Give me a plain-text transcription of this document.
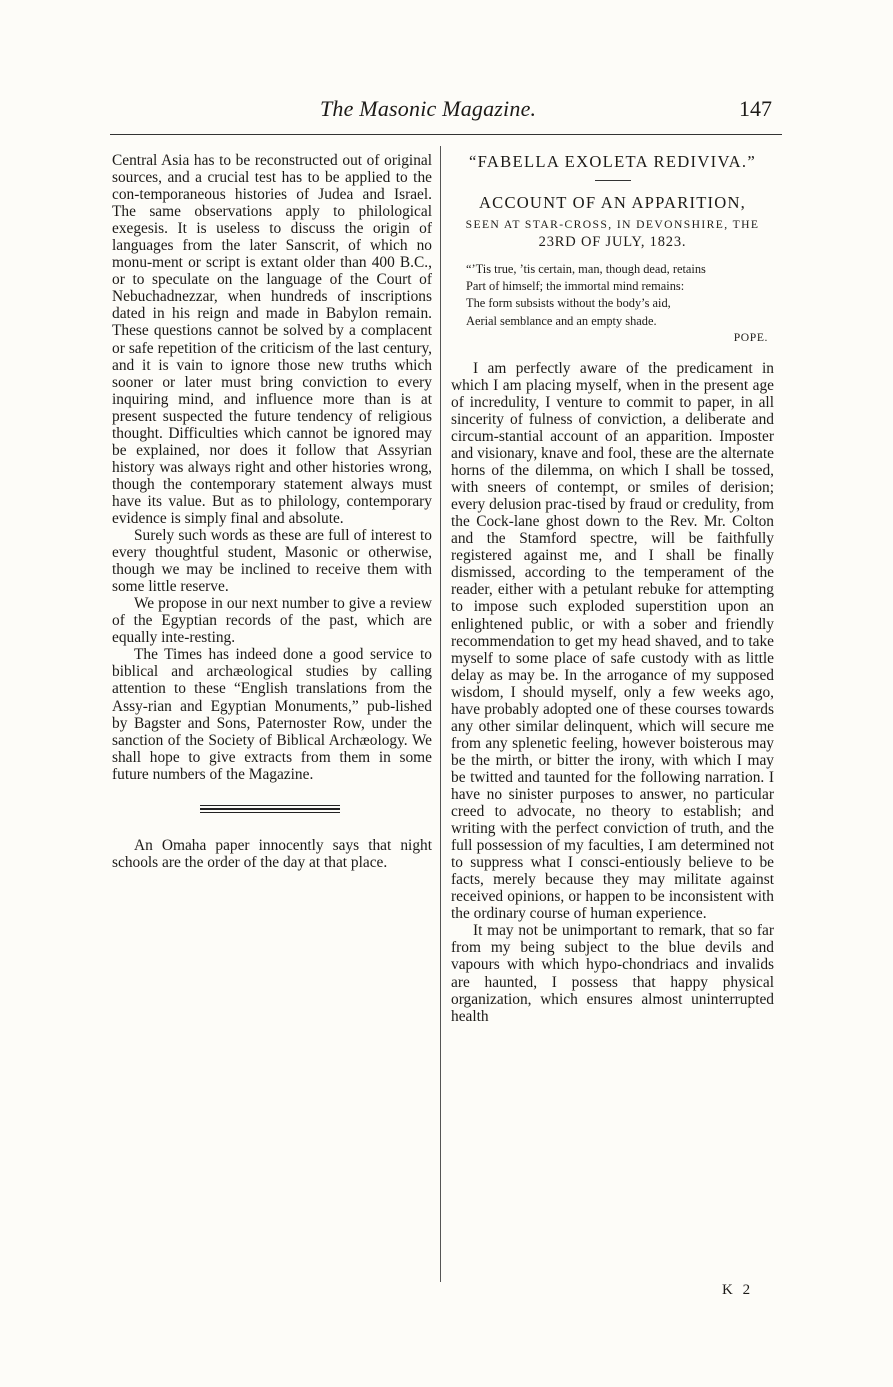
The Masonic Magazine.	147

Central Asia has to be reconstructed out of original sources, and a crucial test has to be applied to the con-temporaneous histories of Judea and Israel. The same observations apply to philological exegesis. It is useless to discuss the origin of languages from the later Sanscrit, of which no monu-ment or script is extant older than 400 B.C., or to speculate on the language of the Court of Nebuchadnezzar, when hundreds of inscriptions dated in his reign and made in Babylon remain. These questions cannot be solved by a complacent or safe repetition of the criticism of the last century, and it is vain to ignore those new truths which sooner or later must bring conviction to every inquiring mind, and influence more than is at present suspected the future tendency of religious thought. Difficulties which cannot be ignored may be explained, nor does it follow that Assyrian history was always right and other histories wrong, though the contemporary statement always must have its value. But as to philology, contemporary evidence is simply final and absolute.

Surely such words as these are full of interest to every thoughtful student, Masonic or otherwise, though we may be inclined to receive them with some little reserve.

We propose in our next number to give a review of the Egyptian records of the past, which are equally inte-resting.

The Times has indeed done a good service to biblical and archæological studies by calling attention to these “English translations from the Assy-rian and Egyptian Monuments,” pub-lished by Bagster and Sons, Paternoster Row, under the sanction of the Society of Biblical Archæology. We shall hope to give extracts from them in some future numbers of the Magazine.

An Omaha paper innocently says that night schools are the order of the day at that place.

“FABELLA EXOLETA REDIVIVA.”
ACCOUNT OF AN APPARITION,
SEEN AT STAR-CROSS, IN DEVONSHIRE, THE
23RD OF JULY, 1823.
“’Tis true, ’tis certain, man, though dead, retains
Part of himself; the immortal mind remains:
The form subsists without the body’s aid,
Aerial semblance and an empty shade.
POPE.

I am perfectly aware of the predicament in which I am placing myself, when in the present age of incredulity, I venture to commit to paper, in all sincerity of fulness of conviction, a deliberate and circum-stantial account of an apparition. Imposter and visionary, knave and fool, these are the alternate horns of the dilemma, on which I shall be tossed, with sneers of contempt, or smiles of derision; every delusion prac-tised by fraud or credulity, from the Cock-lane ghost down to the Rev. Mr. Colton and the Stamford spectre, will be faithfully registered against me, and I shall be finally dismissed, according to the temperament of the reader, either with a petulant rebuke for attempting to impose such exploded superstition upon an enlightened public, or with a sober and friendly recommendation to get my head shaved, and to take myself to some place of safe custody with as little delay as may be. In the arrogance of my supposed wisdom, I should myself, only a few weeks ago, have probably adopted one of these courses towards any other similar delinquent, which will secure me from any splenetic feeling, however boisterous may be the mirth, or bitter the irony, with which I may be twitted and taunted for the following narration. I have no sinister purposes to answer, no particular creed to advocate, no theory to establish; and writing with the perfect conviction of truth, and the full possession of my faculties, I am determined not to suppress what I consci-entiously believe to be facts, merely because they may militate against received opinions, or happen to be inconsistent with the ordinary course of human experience.

It may not be unimportant to remark, that so far from my being subject to the blue devils and vapours with which hypo-chondriacs and invalids are haunted, I possess that happy physical organization, which ensures almost uninterrupted health

K 2
